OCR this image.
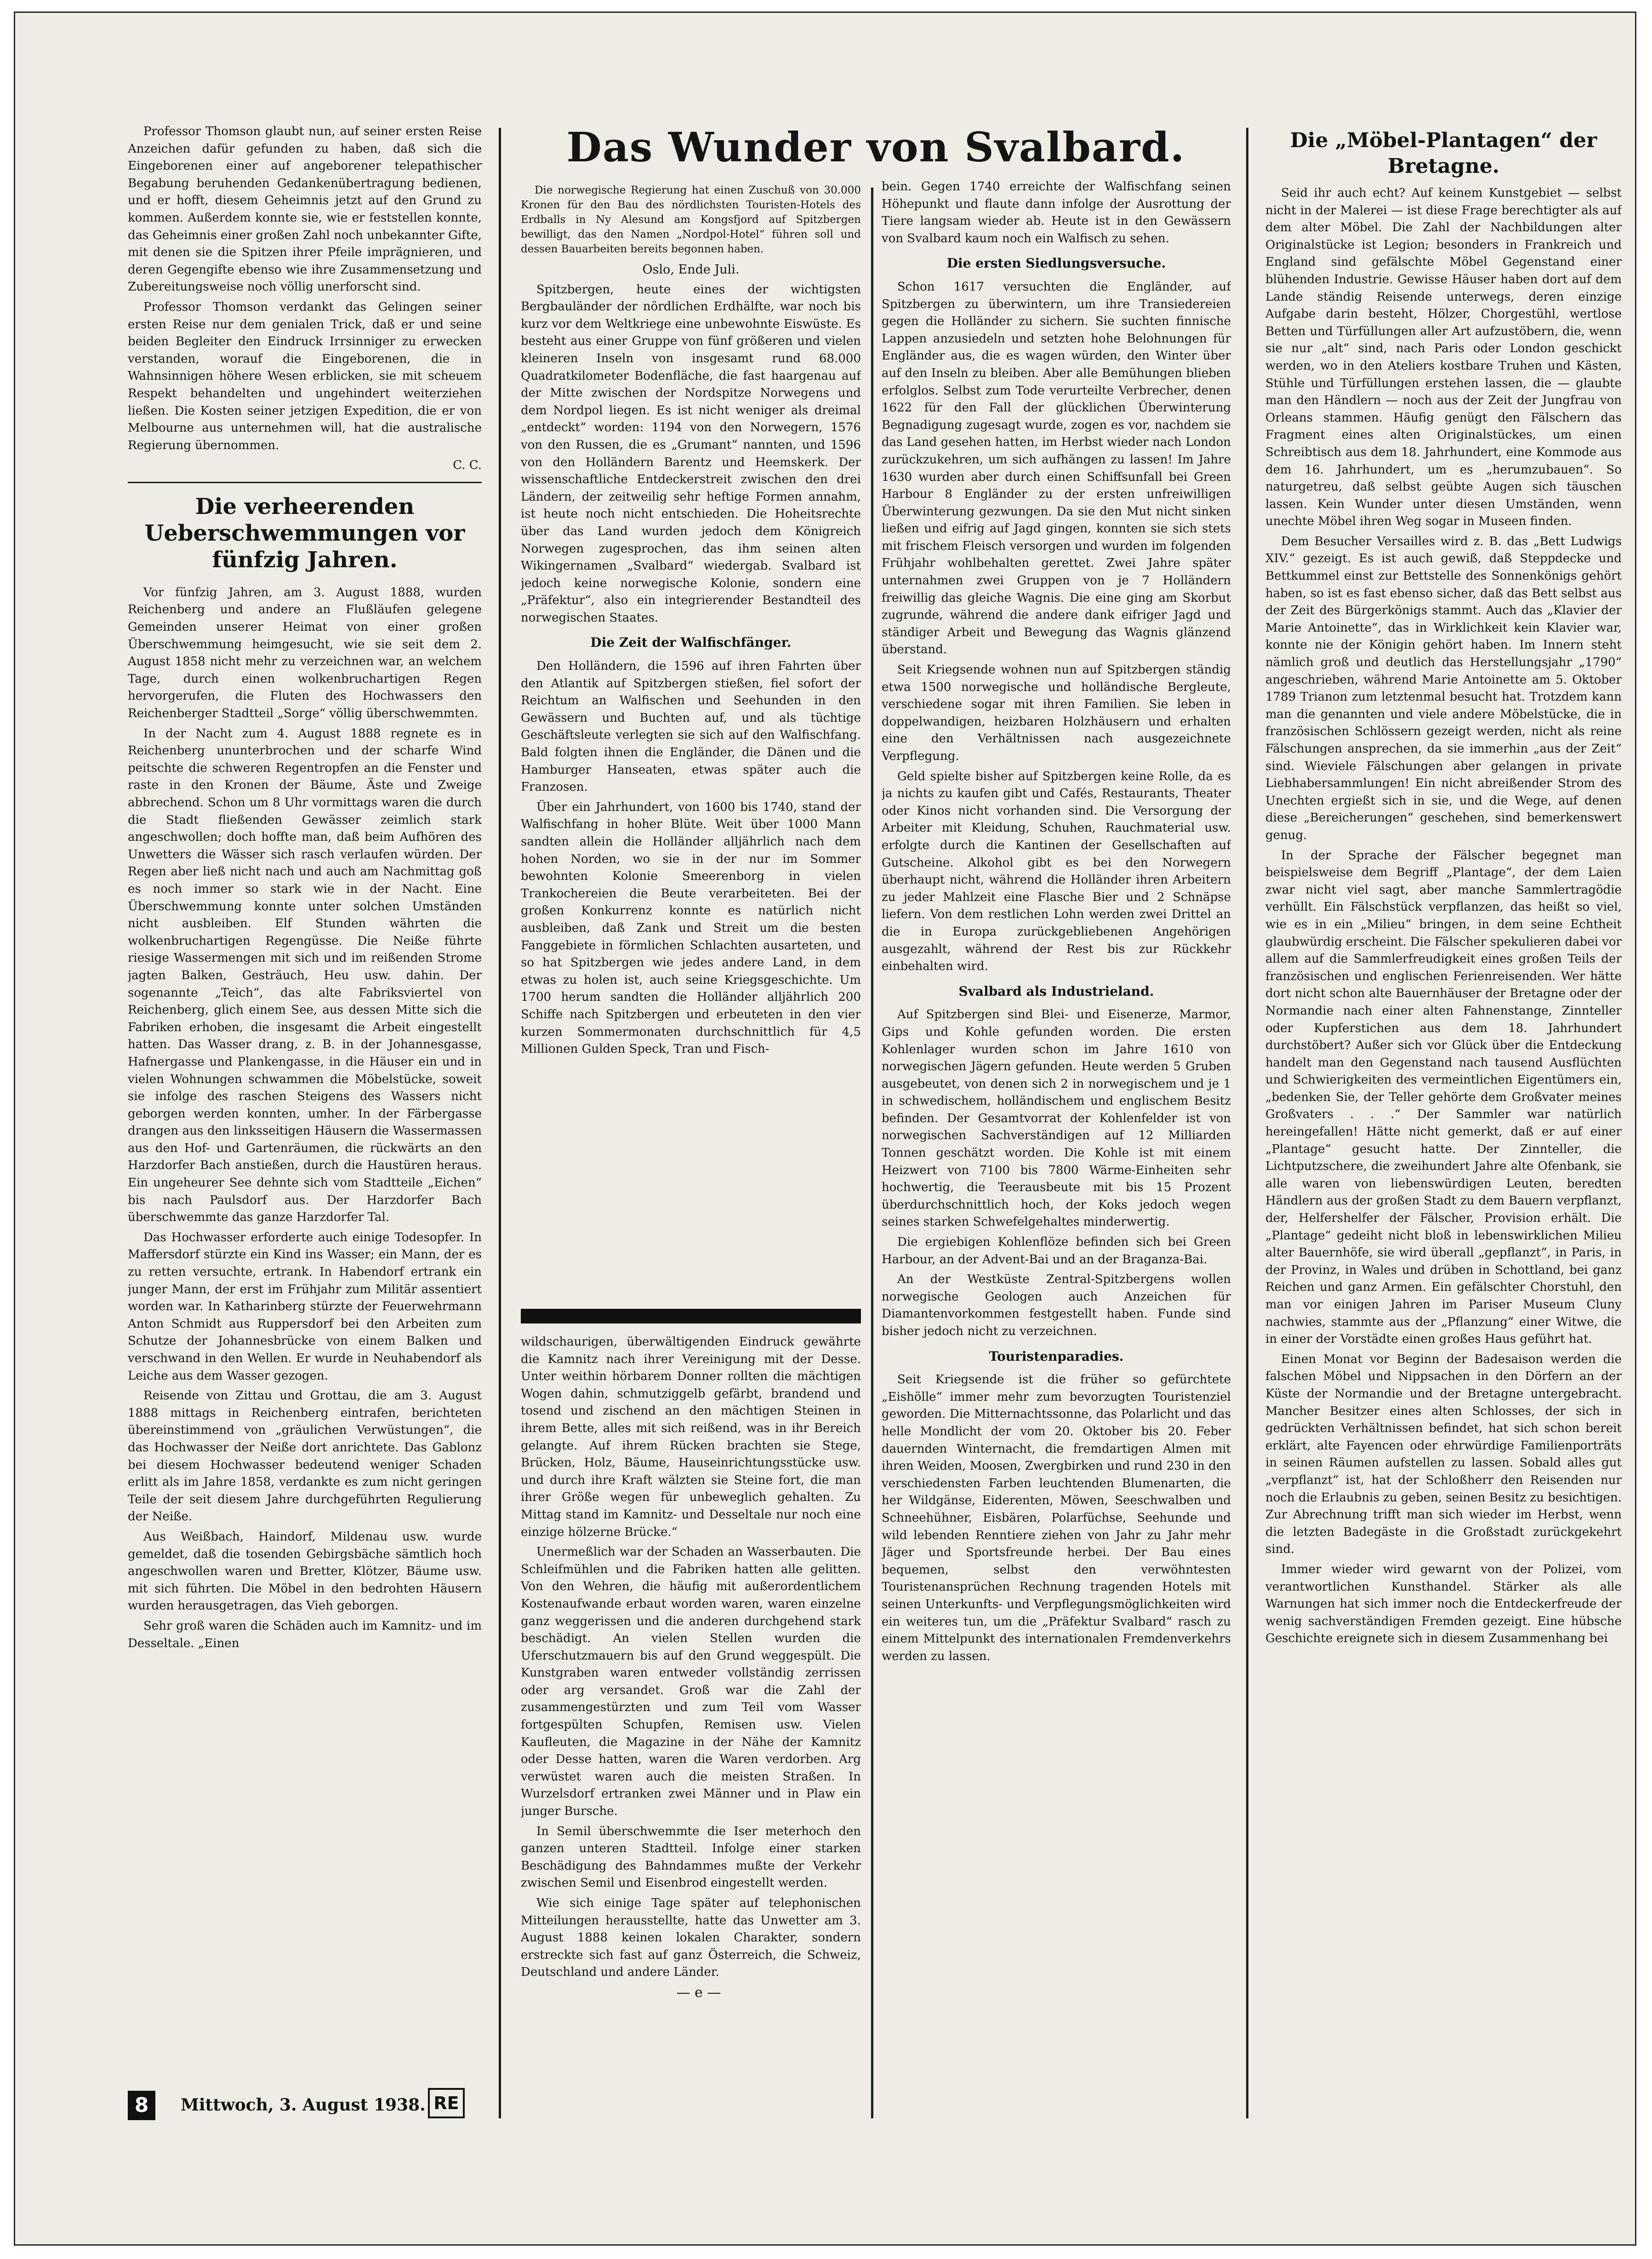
Professor Thomson glaubt nun, auf seiner ersten Reise Anzeichen dafür gefunden zu haben, daß sich die Eingeborenen einer auf angeborener telepathischer Begabung beruhenden Gedankenübertragung bedienen, und er hofft, diesem Geheimnis jetzt auf den Grund zu kommen. Außerdem konnte sie, wie er feststellen konnte, das Geheimnis einer großen Zahl noch unbekannter Gifte, mit denen sie die Spitzen ihrer Pfeile imprägnieren, und deren Gegengifte ebenso wie ihre Zusammensetzung und Zubereitungsweise noch völlig unerforscht sind.

Professor Thomson verdankt das Gelingen seiner ersten Reise nur dem genialen Trick, daß er und seine beiden Begleiter den Eindruck Irrsinniger zu erwecken verstanden, worauf die Eingeborenen, die in Wahnsinnigen höhere Wesen erblicken, sie mit scheuem Respekt behandelten und ungehindert weiterziehen ließen. Die Kosten seiner jetzigen Expedition, die er von Melbourne aus unternehmen will, hat die australische Regierung übernommen.

C. C.

Die verheerenden Ueberschwemmungen vor fünfzig Jahren.

Vor fünfzig Jahren, am 3. August 1888, wurden Reichenberg und andere an Flußläufen gelegene Gemeinden unserer Heimat von einer großen Überschwemmung heimgesucht, wie sie seit dem 2. August 1858 nicht mehr zu verzeichnen war, an welchem Tage, durch einen wolkenbruchartigen Regen hervorgerufen, die Fluten des Hochwassers den Reichenberger Stadtteil „Sorge“ völlig überschwemmten.

In der Nacht zum 4. August 1888 regnete es in Reichenberg ununterbrochen und der scharfe Wind peitschte die schweren Regentropfen an die Fenster und raste in den Kronen der Bäume, Äste und Zweige abbrechend. Schon um 8 Uhr vormittags waren die durch die Stadt fließenden Gewässer zeimlich stark angeschwollen; doch hoffte man, daß beim Aufhören des Unwetters die Wässer sich rasch verlaufen würden. Der Regen aber ließ nicht nach und auch am Nachmittag goß es noch immer so stark wie in der Nacht. Eine Überschwemmung konnte unter solchen Umständen nicht ausbleiben. Elf Stunden währten die wolkenbruchartigen Regengüsse. Die Neiße führte riesige Wassermengen mit sich und im reißenden Strome jagten Balken, Gesträuch, Heu usw. dahin. Der sogenannte „Teich“, das alte Fabriksviertel von Reichenberg, glich einem See, aus dessen Mitte sich die Fabriken erhoben, die insgesamt die Arbeit eingestellt hatten. Das Wasser drang, z. B. in der Johannesgasse, Hafnergasse und Plankengasse, in die Häuser ein und in vielen Wohnungen schwammen die Möbelstücke, soweit sie infolge des raschen Steigens des Wassers nicht geborgen werden konnten, umher. In der Färbergasse drangen aus den linksseitigen Häusern die Wassermassen aus den Hof- und Gartenräumen, die rückwärts an den Harzdorfer Bach anstießen, durch die Haustüren heraus. Ein ungeheurer See dehnte sich vom Stadtteile „Eichen“ bis nach Paulsdorf aus. Der Harzdorfer Bach überschwemmte das ganze Harzdorfer Tal.

Das Hochwasser erforderte auch einige Todesopfer. In Maffersdorf stürzte ein Kind ins Wasser; ein Mann, der es zu retten versuchte, ertrank. In Habendorf ertrank ein junger Mann, der erst im Frühjahr zum Militär assentiert worden war. In Katharinberg stürzte der Feuerwehrmann Anton Schmidt aus Ruppersdorf bei den Arbeiten zum Schutze der Johannesbrücke von einem Balken und verschwand in den Wellen. Er wurde in Neuhabendorf als Leiche aus dem Wasser gezogen.

Reisende von Zittau und Grottau, die am 3. August 1888 mittags in Reichenberg eintrafen, berichteten übereinstimmend von „gräulichen Verwüstungen“, die das Hochwasser der Neiße dort anrichtete. Das Gablonz bei diesem Hochwasser bedeutend weniger Schaden erlitt als im Jahre 1858, verdankte es zum nicht geringen Teile der seit diesem Jahre durchgeführten Regulierung der Neiße.

Aus Weißbach, Haindorf, Mildenau usw. wurde gemeldet, daß die tosenden Gebirgsbäche sämtlich hoch angeschwollen waren und Bretter, Klötzer, Bäume usw. mit sich führten. Die Möbel in den bedrohten Häusern wurden herausgetragen, das Vieh geborgen.

Sehr groß waren die Schäden auch im Kamnitz- und im Desseltale. „Einen

Das Wunder von Svalbard.

Die norwegische Regierung hat einen Zuschuß von 30.000 Kronen für den Bau des nördlichsten Touristen-Hotels des Erdballs in Ny Alesund am Kongsfjord auf Spitzbergen bewilligt, das den Namen „Nordpol-Hotel“ führen soll und dessen Bauarbeiten bereits begonnen haben.

Oslo, Ende Juli.

Spitzbergen, heute eines der wichtigsten Bergbauländer der nördlichen Erdhälfte, war noch bis kurz vor dem Weltkriege eine unbewohnte Eiswüste. Es besteht aus einer Gruppe von fünf größeren und vielen kleineren Inseln von insgesamt rund 68.000 Quadratkilometer Bodenfläche, die fast haargenau auf der Mitte zwischen der Nordspitze Norwegens und dem Nordpol liegen. Es ist nicht weniger als dreimal „entdeckt“ worden: 1194 von den Norwegern, 1576 von den Russen, die es „Grumant“ nannten, und 1596 von den Holländern Barentz und Heemskerk. Der wissenschaftliche Entdeckerstreit zwischen den drei Ländern, der zeitweilig sehr heftige Formen annahm, ist heute noch nicht entschieden. Die Hoheitsrechte über das Land wurden jedoch dem Königreich Norwegen zugesprochen, das ihm seinen alten Wikingernamen „Svalbard“ wiedergab. Svalbard ist jedoch keine norwegische Kolonie, sondern eine „Präfektur“, also ein integrierender Bestandteil des norwegischen Staates.

Die Zeit der Walfischfänger.

Den Holländern, die 1596 auf ihren Fahrten über den Atlantik auf Spitzbergen stießen, fiel sofort der Reichtum an Walfischen und Seehunden in den Gewässern und Buchten auf, und als tüchtige Geschäftsleute verlegten sie sich auf den Walfischfang. Bald folgten ihnen die Engländer, die Dänen und die Hamburger Hanseaten, etwas später auch die Franzosen.

Über ein Jahrhundert, von 1600 bis 1740, stand der Walfischfang in hoher Blüte. Weit über 1000 Mann sandten allein die Holländer alljährlich nach dem hohen Norden, wo sie in der nur im Sommer bewohnten Kolonie Smeerenborg in vielen Trankochereien die Beute verarbeiteten. Bei der großen Konkurrenz konnte es natürlich nicht ausbleiben, daß Zank und Streit um die besten Fanggebiete in förmlichen Schlachten ausarteten, und so hat Spitzbergen wie jedes andere Land, in dem etwas zu holen ist, auch seine Kriegsgeschichte. Um 1700 herum sandten die Holländer alljährlich 200 Schiffe nach Spitzbergen und erbeuteten in den vier kurzen Sommermonaten durchschnittlich für 4,5 Millionen Gulden Speck, Tran und Fisch-

wildschaurigen, überwältigenden Eindruck gewährte die Kamnitz nach ihrer Vereinigung mit der Desse. Unter weithin hörbarem Donner rollten die mächtigen Wogen dahin, schmutziggelb gefärbt, brandend und tosend und zischend an den mächtigen Steinen in ihrem Bette, alles mit sich reißend, was in ihr Bereich gelangte. Auf ihrem Rücken brachten sie Stege, Brücken, Holz, Bäume, Hauseinrichtungsstücke usw. und durch ihre Kraft wälzten sie Steine fort, die man ihrer Größe wegen für unbeweglich gehalten. Zu Mittag stand im Kamnitz- und Desseltale nur noch eine einzige hölzerne Brücke.“

Unermeßlich war der Schaden an Wasserbauten. Die Schleifmühlen und die Fabriken hatten alle gelitten. Von den Wehren, die häufig mit außerordentlichem Kostenaufwande erbaut worden waren, waren einzelne ganz weggerissen und die anderen durchgehend stark beschädigt. An vielen Stellen wurden die Uferschutzmauern bis auf den Grund weggespült. Die Kunstgraben waren entweder vollständig zerrissen oder arg versandet. Groß war die Zahl der zusammengestürzten und zum Teil vom Wasser fortgespülten Schupfen, Remisen usw. Vielen Kaufleuten, die Magazine in der Nähe der Kamnitz oder Desse hatten, waren die Waren verdorben. Arg verwüstet waren auch die meisten Straßen. In Wurzelsdorf ertranken zwei Männer und in Plaw ein junger Bursche.

In Semil überschwemmte die Iser meterhoch den ganzen unteren Stadtteil. Infolge einer starken Beschädigung des Bahndammes mußte der Verkehr zwischen Semil und Eisenbrod eingestellt werden.

Wie sich einige Tage später auf telephonischen Mitteilungen herausstellte, hatte das Unwetter am 3. August 1888 keinen lokalen Charakter, sondern erstreckte sich fast auf ganz Österreich, die Schweiz, Deutschland und andere Länder.

— e —

bein. Gegen 1740 erreichte der Walfischfang seinen Höhepunkt und flaute dann infolge der Ausrottung der Tiere langsam wieder ab. Heute ist in den Gewässern von Svalbard kaum noch ein Walfisch zu sehen.

Die ersten Siedlungsversuche.

Schon 1617 versuchten die Engländer, auf Spitzbergen zu überwintern, um ihre Transiedereien gegen die Holländer zu sichern. Sie suchten finnische Lappen anzusiedeln und setzten hohe Belohnungen für Engländer aus, die es wagen würden, den Winter über auf den Inseln zu bleiben. Aber alle Bemühungen blieben erfolglos. Selbst zum Tode verurteilte Verbrecher, denen 1622 für den Fall der glücklichen Überwinterung Begnadigung zugesagt wurde, zogen es vor, nachdem sie das Land gesehen hatten, im Herbst wieder nach London zurückzukehren, um sich aufhängen zu lassen! Im Jahre 1630 wurden aber durch einen Schiffsunfall bei Green Harbour 8 Engländer zu der ersten unfreiwilligen Überwinterung gezwungen. Da sie den Mut nicht sinken ließen und eifrig auf Jagd gingen, konnten sie sich stets mit frischem Fleisch versorgen und wurden im folgenden Frühjahr wohlbehalten gerettet. Zwei Jahre später unternahmen zwei Gruppen von je 7 Holländern freiwillig das gleiche Wagnis. Die eine ging am Skorbut zugrunde, während die andere dank eifriger Jagd und ständiger Arbeit und Bewegung das Wagnis glänzend überstand.

Seit Kriegsende wohnen nun auf Spitzbergen ständig etwa 1500 norwegische und holländische Bergleute, verschiedene sogar mit ihren Familien. Sie leben in doppelwandigen, heizbaren Holzhäusern und erhalten eine den Verhältnissen nach ausgezeichnete Verpflegung.

Geld spielte bisher auf Spitzbergen keine Rolle, da es ja nichts zu kaufen gibt und Cafés, Restaurants, Theater oder Kinos nicht vorhanden sind. Die Versorgung der Arbeiter mit Kleidung, Schuhen, Rauchmaterial usw. erfolgte durch die Kantinen der Gesellschaften auf Gutscheine. Alkohol gibt es bei den Norwegern überhaupt nicht, während die Holländer ihren Arbeitern zu jeder Mahlzeit eine Flasche Bier und 2 Schnäpse liefern. Von dem restlichen Lohn werden zwei Drittel an die in Europa zurückgebliebenen Angehörigen ausgezahlt, während der Rest bis zur Rückkehr einbehalten wird.

Svalbard als Industrieland.

Auf Spitzbergen sind Blei- und Eisenerze, Marmor, Gips und Kohle gefunden worden. Die ersten Kohlenlager wurden schon im Jahre 1610 von norwegischen Jägern gefunden. Heute werden 5 Gruben ausgebeutet, von denen sich 2 in norwegischem und je 1 in schwedischem, holländischem und englischem Besitz befinden. Der Gesamtvorrat der Kohlenfelder ist von norwegischen Sachverständigen auf 12 Milliarden Tonnen geschätzt worden. Die Kohle ist mit einem Heizwert von 7100 bis 7800 Wärme-Einheiten sehr hochwertig, die Teerausbeute mit bis 15 Prozent überdurchschnittlich hoch, der Koks jedoch wegen seines starken Schwefelgehaltes minderwertig.

Die ergiebigen Kohlenflöze befinden sich bei Green Harbour, an der Advent-Bai und an der Braganza-Bai.

An der Westküste Zentral-Spitzbergens wollen norwegische Geologen auch Anzeichen für Diamantenvorkommen festgestellt haben. Funde sind bisher jedoch nicht zu verzeichnen.

Touristenparadies.

Seit Kriegsende ist die früher so gefürchtete „Eishölle“ immer mehr zum bevorzugten Touristenziel geworden. Die Mitternachtssonne, das Polarlicht und das helle Mondlicht der vom 20. Oktober bis 20. Feber dauernden Winternacht, die fremdartigen Almen mit ihren Weiden, Moosen, Zwergbirken und rund 230 in den verschiedensten Farben leuchtenden Blumenarten, die her Wildgänse, Eiderenten, Möwen, Seeschwalben und Schneehühner, Eisbären, Polarfüchse, Seehunde und wild lebenden Renntiere ziehen von Jahr zu Jahr mehr Jäger und Sportsfreunde herbei. Der Bau eines bequemen, selbst den verwöhntesten Touristenansprüchen Rechnung tragenden Hotels mit seinen Unterkunfts- und Verpflegungsmöglichkeiten wird ein weiteres tun, um die „Präfektur Svalbard“ rasch zu einem Mittelpunkt des internationalen Fremdenverkehrs werden zu lassen.

Die „Möbel-Plantagen“ der Bretagne.

Seid ihr auch echt? Auf keinem Kunstgebiet — selbst nicht in der Malerei — ist diese Frage berechtigter als auf dem alter Möbel. Die Zahl der Nachbildungen alter Originalstücke ist Legion; besonders in Frankreich und England sind gefälschte Möbel Gegenstand einer blühenden Industrie. Gewisse Häuser haben dort auf dem Lande ständig Reisende unterwegs, deren einzige Aufgabe darin besteht, Hölzer, Chorgestühl, wertlose Betten und Türfüllungen aller Art aufzustöbern, die, wenn sie nur „alt“ sind, nach Paris oder London geschickt werden, wo in den Ateliers kostbare Truhen und Kästen, Stühle und Türfüllungen erstehen lassen, die — glaubte man den Händlern — noch aus der Zeit der Jungfrau von Orleans stammen. Häufig genügt den Fälschern das Fragment eines alten Originalstückes, um einen Schreibtisch aus dem 18. Jahrhundert, eine Kommode aus dem 16. Jahrhundert, um es „herumzubauen“. So naturgetreu, daß selbst geübte Augen sich täuschen lassen. Kein Wunder unter diesen Umständen, wenn unechte Möbel ihren Weg sogar in Museen finden.

Dem Besucher Versailles wird z. B. das „Bett Ludwigs XIV.“ gezeigt. Es ist auch gewiß, daß Steppdecke und Bettkummel einst zur Bettstelle des Sonnenkönigs gehört haben, so ist es fast ebenso sicher, daß das Bett selbst aus der Zeit des Bürgerkönigs stammt. Auch das „Klavier der Marie Antoinette“, das in Wirklichkeit kein Klavier war, konnte nie der Königin gehört haben. Im Innern steht nämlich groß und deutlich das Herstellungsjahr „1790“ angeschrieben, während Marie Antoinette am 5. Oktober 1789 Trianon zum letztenmal besucht hat. Trotzdem kann man die genannten und viele andere Möbelstücke, die in französischen Schlössern gezeigt werden, nicht als reine Fälschungen ansprechen, da sie immerhin „aus der Zeit“ sind. Wieviele Fälschungen aber gelangen in private Liebhabersammlungen! Ein nicht abreißender Strom des Unechten ergießt sich in sie, und die Wege, auf denen diese „Bereicherungen“ geschehen, sind bemerkenswert genug.

In der Sprache der Fälscher begegnet man beispielsweise dem Begriff „Plantage“, der dem Laien zwar nicht viel sagt, aber manche Sammlertragödie verhüllt. Ein Fälschstück verpflanzen, das heißt so viel, wie es in ein „Milieu“ bringen, in dem seine Echtheit glaubwürdig erscheint. Die Fälscher spekulieren dabei vor allem auf die Sammlerfreudigkeit eines großen Teils der französischen und englischen Ferienreisenden. Wer hätte dort nicht schon alte Bauernhäuser der Bretagne oder der Normandie nach einer alten Fahnenstange, Zinnteller oder Kupferstichen aus dem 18. Jahrhundert durchstöbert? Außer sich vor Glück über die Entdeckung handelt man den Gegenstand nach tausend Ausflüchten und Schwierigkeiten des vermeintlichen Eigentümers ein, „bedenken Sie, der Teller gehörte dem Großvater meines Großvaters . . .“ Der Sammler war natürlich hereingefallen! Hätte nicht gemerkt, daß er auf einer „Plantage“ gesucht hatte. Der Zinnteller, die Lichtputzschere, die zweihundert Jahre alte Ofenbank, sie alle waren von liebenswürdigen Leuten, beredten Händlern aus der großen Stadt zu dem Bauern verpflanzt, der, Helfershelfer der Fälscher, Provision erhält. Die „Plantage“ gedeiht nicht bloß in lebenswirklichen Milieu alter Bauernhöfe, sie wird überall „gepflanzt“, in Paris, in der Provinz, in Wales und drüben in Schottland, bei ganz Reichen und ganz Armen. Ein gefälschter Chorstuhl, den man vor einigen Jahren im Pariser Museum Cluny nachwies, stammte aus der „Pflanzung“ einer Witwe, die in einer der Vorstädte einen großes Haus geführt hat.

Einen Monat vor Beginn der Badesaison werden die falschen Möbel und Nippsachen in den Dörfern an der Küste der Normandie und der Bretagne untergebracht. Mancher Besitzer eines alten Schlosses, der sich in gedrückten Verhältnissen befindet, hat sich schon bereit erklärt, alte Fayencen oder ehrwürdige Familienporträts in seinen Räumen aufstellen zu lassen. Sobald alles gut „verpflanzt“ ist, hat der Schloßherr den Reisenden nur noch die Erlaubnis zu geben, seinen Besitz zu besichtigen. Zur Abrechnung trifft man sich wieder im Herbst, wenn die letzten Badegäste in die Großstadt zurückgekehrt sind.

Immer wieder wird gewarnt von der Polizei, vom verantwortlichen Kunsthandel. Stärker als alle Warnungen hat sich immer noch die Entdeckerfreude der wenig sachverständigen Fremden gezeigt. Eine hübsche Geschichte ereignete sich in diesem Zusammenhang bei

8	Mittwoch, 3. August 1938. RE
